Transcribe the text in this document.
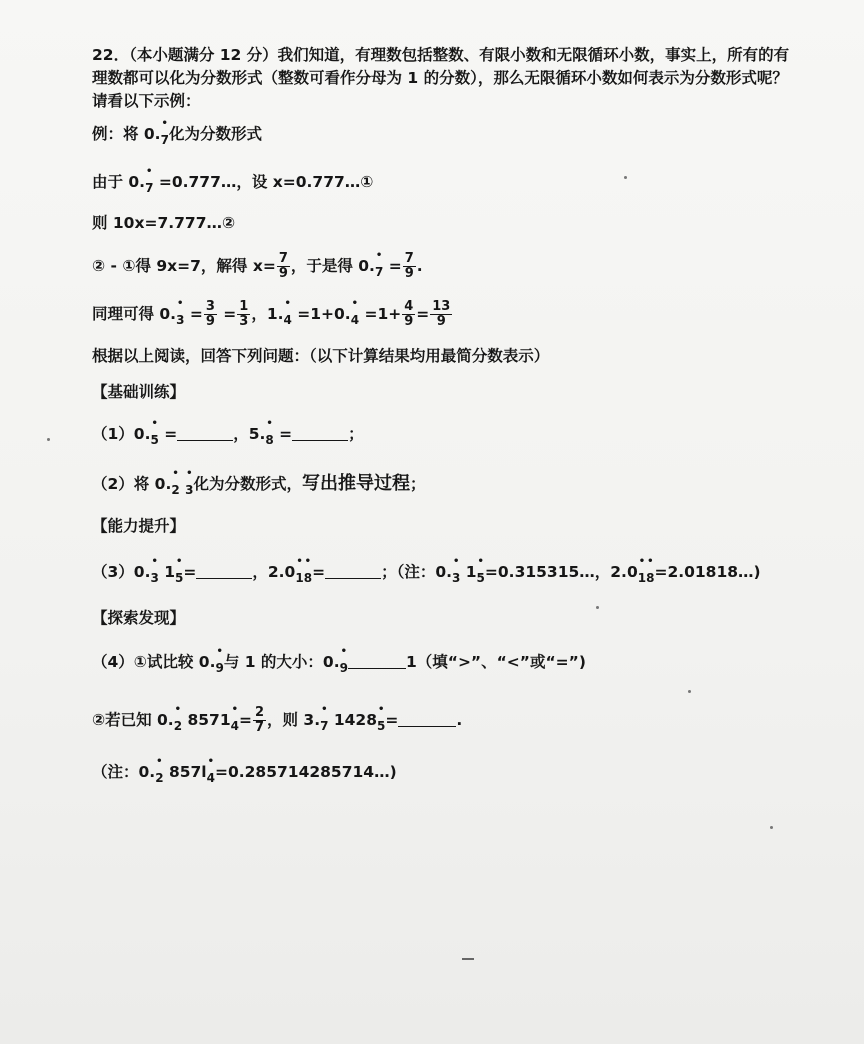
22．（本小题满分 12 分）我们知道，有理数包括整数、有限小数和无限循环小数，事实上，所有的有理数都可以化为分数形式（整数可看作分母为 1 的分数），那么无限循环小数如何表示为分数形式呢？请看以下示例：
例：将 0.• 7化为分数形式
由于 0.• 7 =0.777…，设 x=0.777…①
则 10x=7.777…②
② - ①得 9x=7，解得 $x= \frac{7}{9}$ ，于是得 0.• $7 = \frac{7}{9}$ .
同理可得 0.• $3 = \frac{3}{9} = \frac{1}{3}$ ，1.• 4 =1+0.• $4 =1+ \frac{4}{9} = \frac{13}{9}$
根据以上阅读，回答下列问题：（以下计算结果均用最简分数表示）
【基础训练】
（1）0.• 5 =	，5.• 8 =	；
（2）将 0.• 2 • 3化为分数形式，写出推导过程；
【能力提升】
（3）0.• 3 1• 5=	，2.0• 1• 8=	；（注：0.• 3 1• 5=0.315315…，2.0• 1• 8=2.01818…)
【探索发现】
（4）①试比较 0.• 9与 1 的大小：0.• 9	1（填“>”、“<”或“=”)
②若已知 0.• 2 8571• $4= \frac{2}{7}$ ，则 3.• 7 1428• 5=	.
（注：0.• 2 857l• 4=0.285714285714…)
